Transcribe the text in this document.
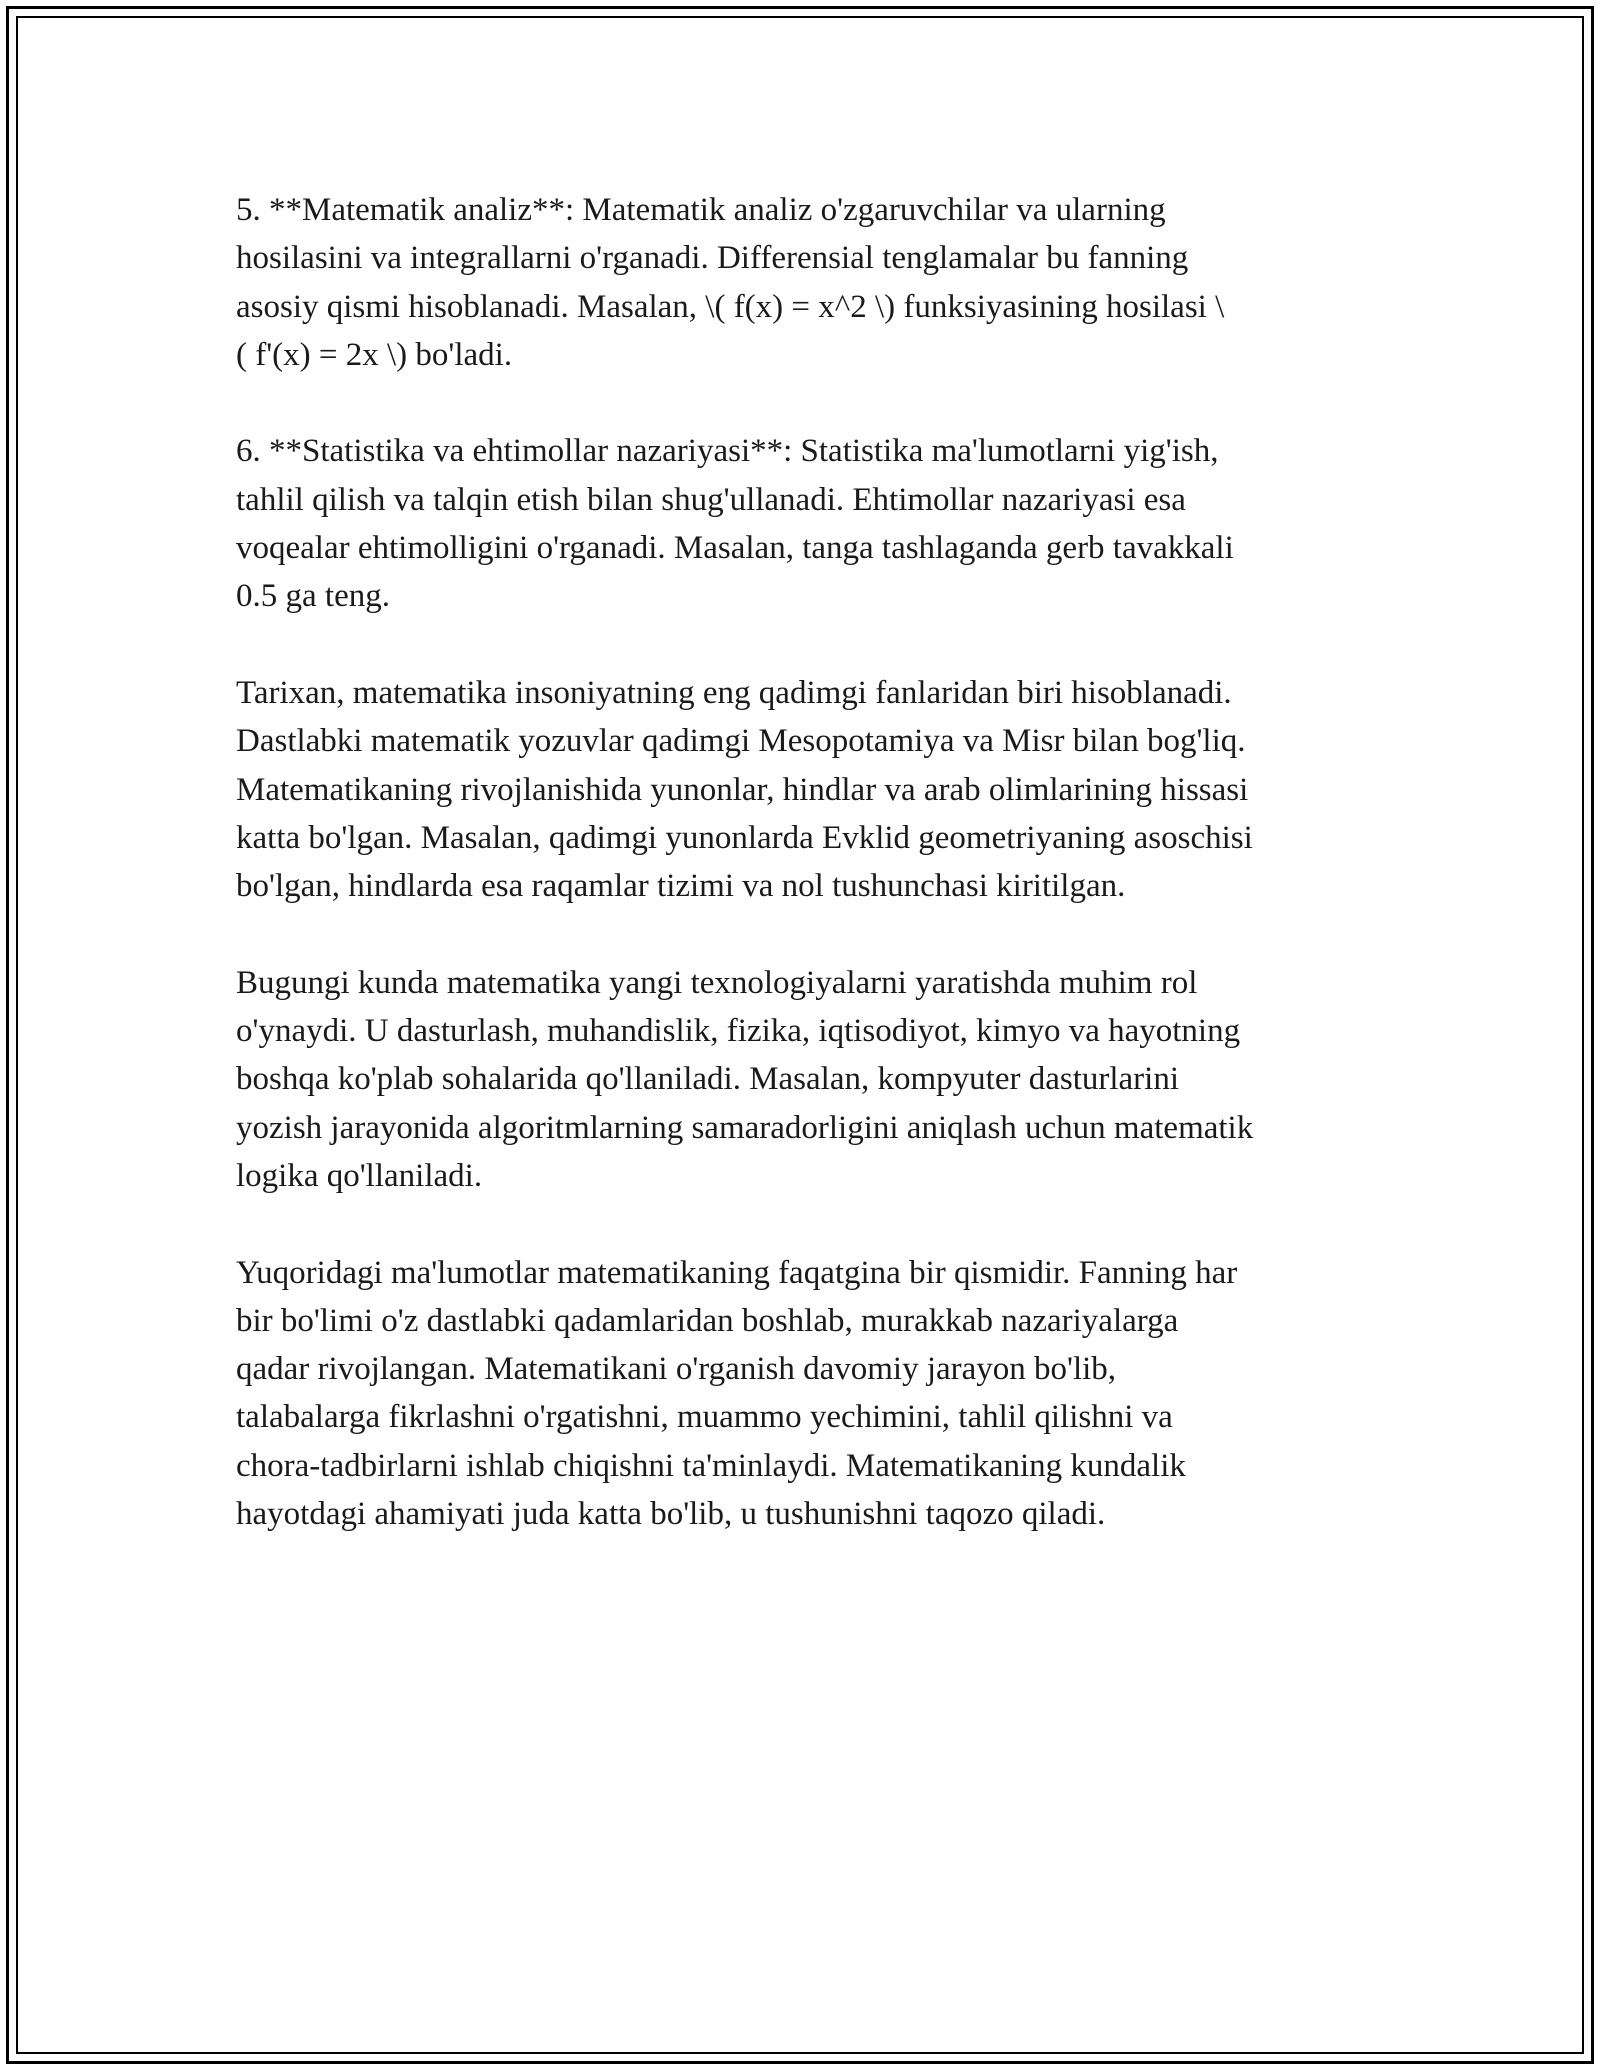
5. **Matematik analiz**: Matematik analiz o'zgaruvchilar va ularning
hosilasini va integrallarni o'rganadi. Differensial tenglamalar bu fanning
asosiy qismi hisoblanadi. Masalan, \( f(x) = x^2 \) funksiyasining hosilasi \
( f'(x) = 2x \) bo'ladi.

6. **Statistika va ehtimollar nazariyasi**: Statistika ma'lumotlarni yig'ish,
tahlil qilish va talqin etish bilan shug'ullanadi. Ehtimollar nazariyasi esa
voqealar ehtimolligini o'rganadi. Masalan, tanga tashlaganda gerb tavakkali
0.5 ga teng.

Tarixan, matematika insoniyatning eng qadimgi fanlaridan biri hisoblanadi.
Dastlabki matematik yozuvlar qadimgi Mesopotamiya va Misr bilan bog'liq.
Matematikaning rivojlanishida yunonlar, hindlar va arab olimlarining hissasi
katta bo'lgan. Masalan, qadimgi yunonlarda Evklid geometriyaning asoschisi
bo'lgan, hindlarda esa raqamlar tizimi va nol tushunchasi kiritilgan.

Bugungi kunda matematika yangi texnologiyalarni yaratishda muhim rol
o'ynaydi. U dasturlash, muhandislik, fizika, iqtisodiyot, kimyo va hayotning
boshqa ko'plab sohalarida qo'llaniladi. Masalan, kompyuter dasturlarini
yozish jarayonida algoritmlarning samaradorligini aniqlash uchun matematik
logika qo'llaniladi.

Yuqoridagi ma'lumotlar matematikaning faqatgina bir qismidir. Fanning har
bir bo'limi o'z dastlabki qadamlaridan boshlab, murakkab nazariyalarga
qadar rivojlangan. Matematikani o'rganish davomiy jarayon bo'lib,
talabalarga fikrlashni o'rgatishni, muammo yechimini, tahlil qilishni va
chora-tadbirlarni ishlab chiqishni ta'minlaydi. Matematikaning kundalik
hayotdagi ahamiyati juda katta bo'lib, u tushunishni taqozo qiladi.
